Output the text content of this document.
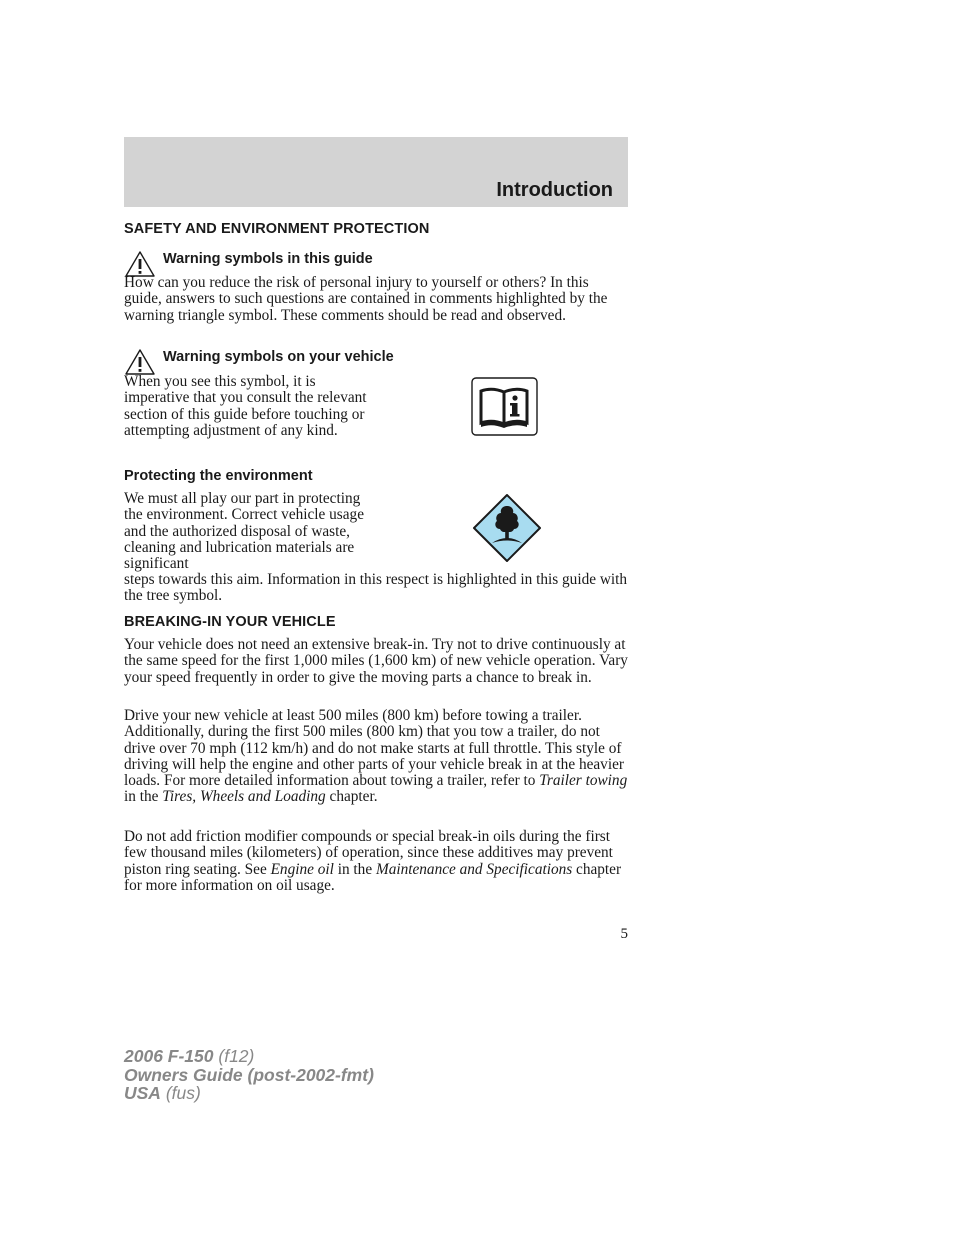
Introduction
SAFETY AND ENVIRONMENT PROTECTION
Warning symbols in this guide

How can you reduce the risk of personal injury to yourself or others? In this guide, answers to such questions are contained in comments highlighted by the warning triangle symbol. These comments should be read and observed.

Warning symbols on your vehicle

When you see this symbol, it is imperative that you consult the relevant section of this guide before touching or attempting adjustment of any kind.

Protecting the environment

We must all play our part in protecting the environment. Correct vehicle usage and the authorized disposal of waste, cleaning and lubrication materials are significant

steps towards this aim. Information in this respect is highlighted in this guide with the tree symbol.

BREAKING-IN YOUR VEHICLE

Your vehicle does not need an extensive break-in. Try not to drive continuously at the same speed for the first 1,000 miles (1,600 km) of new vehicle operation. Vary your speed frequently in order to give the moving parts a chance to break in.

Drive your new vehicle at least 500 miles (800 km) before towing a trailer. Additionally, during the first 500 miles (800 km) that you tow a trailer, do not drive over 70 mph (112 km/h) and do not make starts at full throttle. This style of driving will help the engine and other parts of your vehicle break in at the heavier loads. For more detailed information about towing a trailer, refer to Trailer towing in the Tires, Wheels and Loading chapter.

Do not add friction modifier compounds or special break-in oils during the first few thousand miles (kilometers) of operation, since these additives may prevent piston ring seating. See Engine oil in the Maintenance and Specifications chapter for more information on oil usage.

5
2006 F-150 (f12)
Owners Guide (post-2002-fmt)
USA (fus)
